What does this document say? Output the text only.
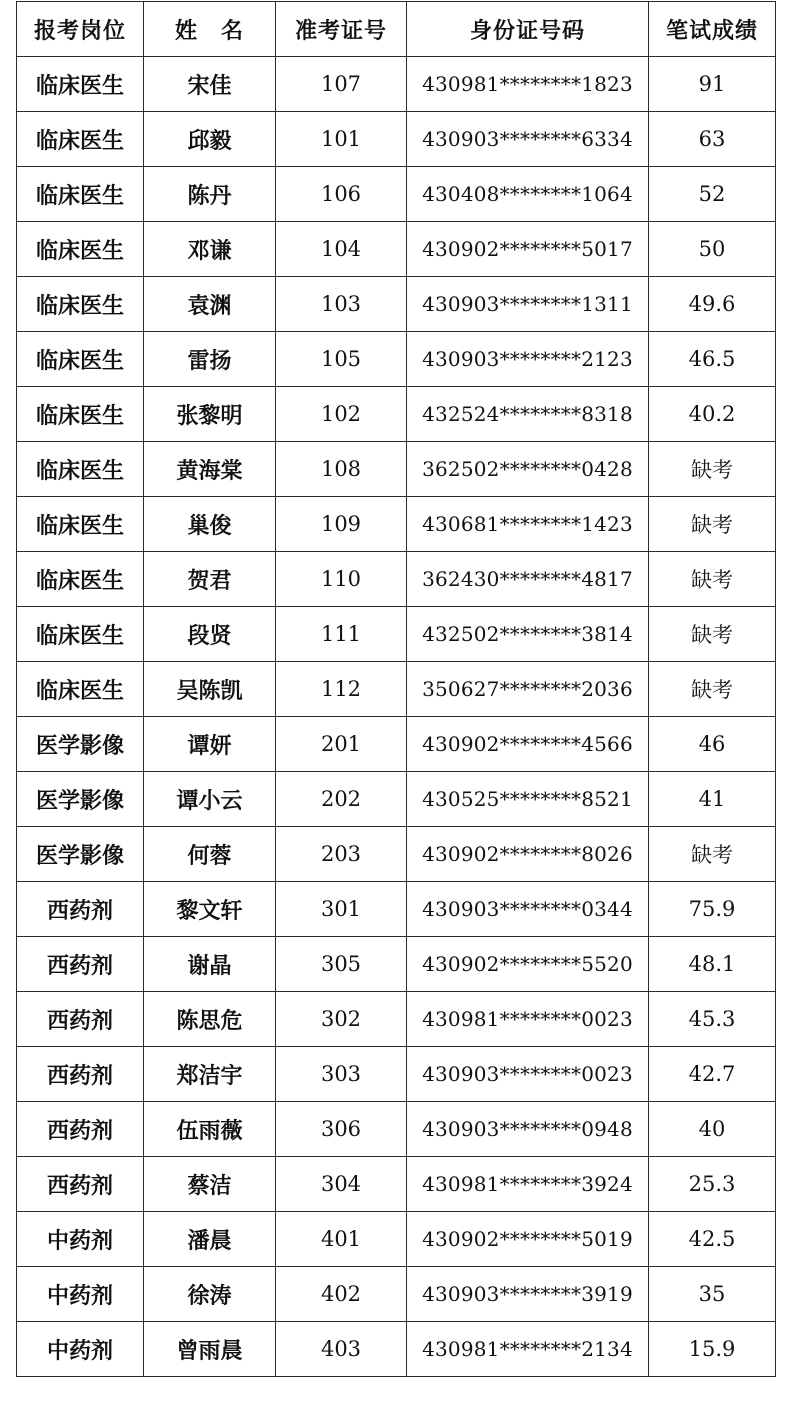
报考岗位	姓　名	准考证号	身份证号码	笔试成绩
临床医生	宋佳	107	430981********1823	91
临床医生	邱毅	101	430903********6334	63
临床医生	陈丹	106	430408********1064	52
临床医生	邓谦	104	430902********5017	50
临床医生	袁渊	103	430903********1311	49.6
临床医生	雷扬	105	430903********2123	46.5
临床医生	张黎明	102	432524********8318	40.2
临床医生	黄海棠	108	362502********0428	缺考
临床医生	巢俊	109	430681********1423	缺考
临床医生	贺君	110	362430********4817	缺考
临床医生	段贤	111	432502********3814	缺考
临床医生	吴陈凯	112	350627********2036	缺考
医学影像	谭妍	201	430902********4566	46
医学影像	谭小云	202	430525********8521	41
医学影像	何蓉	203	430902********8026	缺考
西药剂	黎文轩	301	430903********0344	75.9
西药剂	谢晶	305	430902********5520	48.1
西药剂	陈思危	302	430981********0023	45.3
西药剂	郑洁宇	303	430903********0023	42.7
西药剂	伍雨薇	306	430903********0948	40
西药剂	蔡洁	304	430981********3924	25.3
中药剂	潘晨	401	430902********5019	42.5
中药剂	徐涛	402	430903********3919	35
中药剂	曾雨晨	403	430981********2134	15.9
